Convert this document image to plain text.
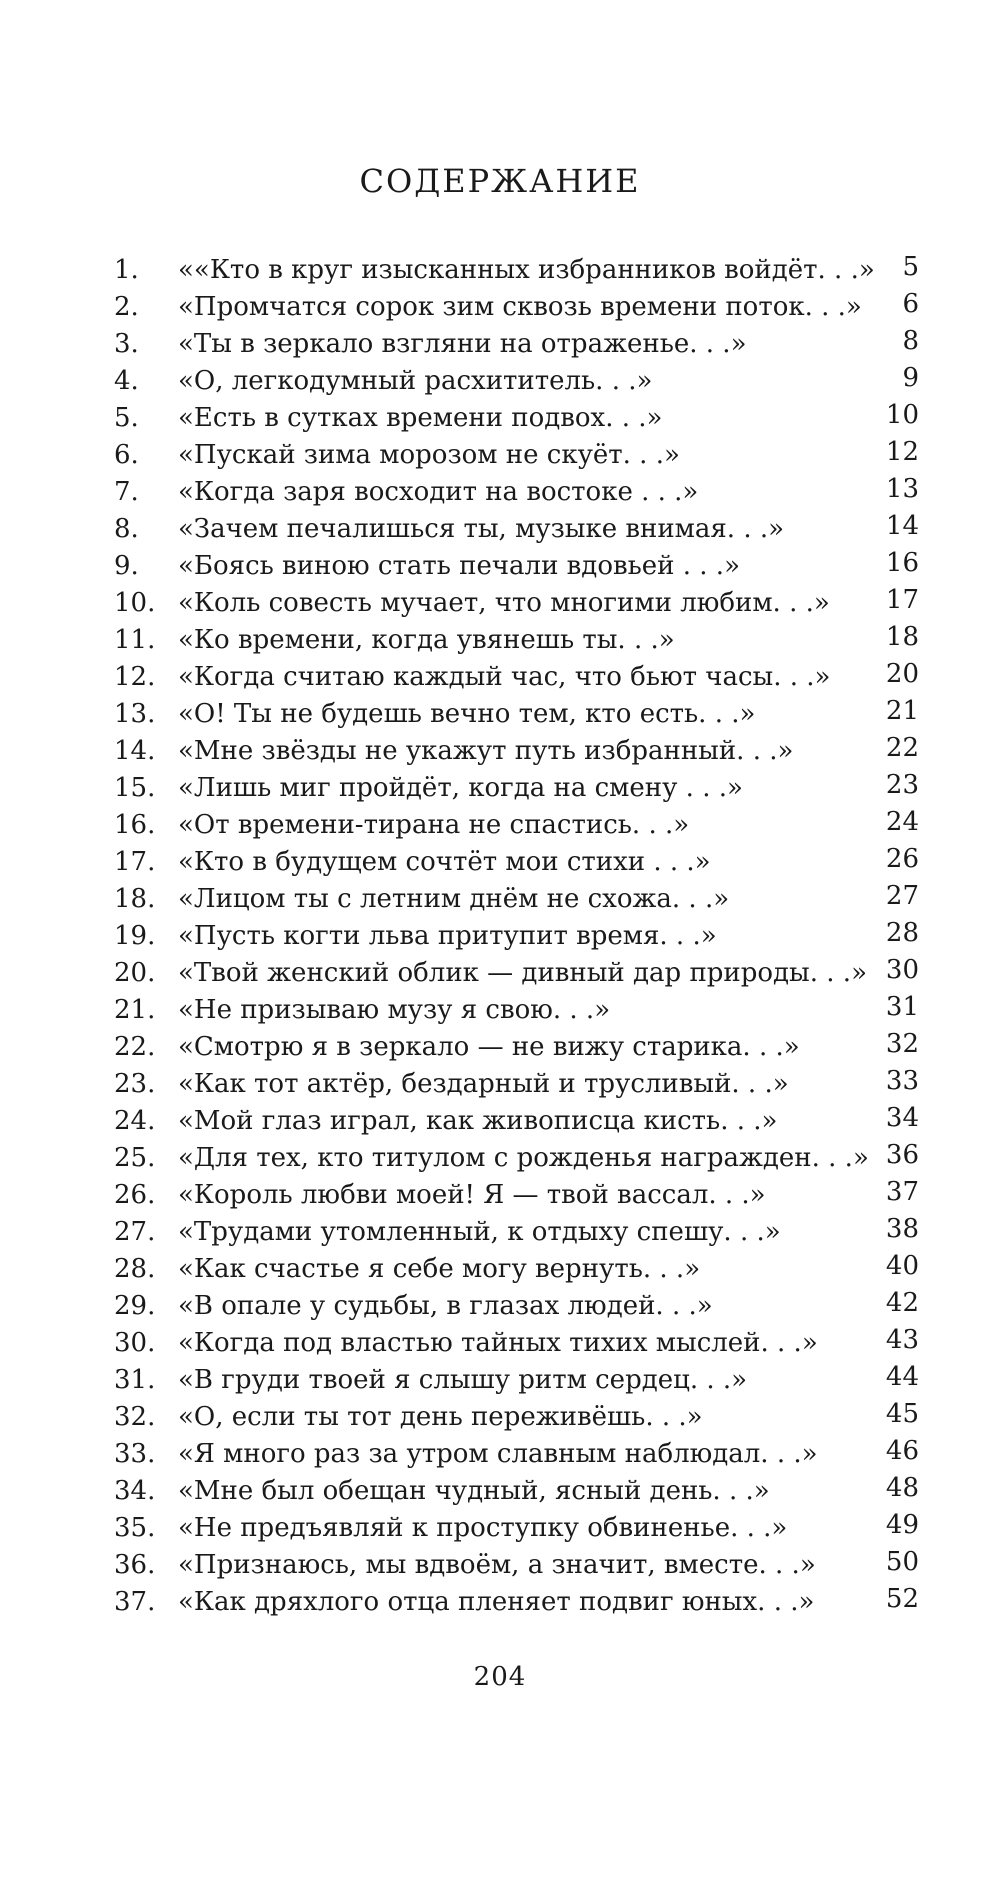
СОДЕРЖАНИЕ
1. ««Кто в круг изысканных избранников войдёт. . .» 5
2. «Промчатся сорок зим сквозь времени поток. . .» 6
3. «Ты в зеркало взгляни на отраженье. . .»	8
4. «О, легкодумный расхититель. . .»	9
5. «Есть в сутках времени подвох. . .»	10
6. «Пускай зима морозом не скуёт. . .»	12
7. «Когда заря восходит на востоке . . .»	13
8. «Зачем печалишься ты, музыке внимая. . .»	14
9. «Боясь виною стать печали вдовьей . . .»	16
10. «Коль совесть мучает, что многими любим. . .» 17
11. «Ко времени, когда увянешь ты. . .»	18
12. «Когда считаю каждый час, что бьют часы. . .» 20
13. «О! Ты не будешь вечно тем, кто есть. . .»	21
14. «Мне звёзды не укажут путь избранный. . .»	22
15. «Лишь миг пройдёт, когда на смену . . .»	23
16. «От времени-тирана не спастись. . .»	24
17. «Кто в будущем сочтёт мои стихи . . .»	26
18. «Лицом ты с летним днём не схожа. . .»	27
19. «Пусть когти льва притупит время. . .»	28
20. «Твой женский облик — дивный дар природы. . .» 30
21. «Не призываю музу я свою. . .»	31
22. «Смотрю я в зеркало — не вижу старика. . .»	32
23. «Как тот актёр, бездарный и трусливый. . .»	33
24. «Мой глаз играл, как живописца кисть. . .»	34
25. «Для тех, кто титулом с рожденья награжден. . .» 36
26. «Король любви моей! Я — твой вассал. . .»	37
27. «Трудами утомленный, к отдыху спешу. . .»	38
28. «Как счастье я себе могу вернуть. . .»	40
29. «В опале у судьбы, в глазах людей. . .»	42
30. «Когда под властью тайных тихих мыслей. . .»	43
31. «В груди твоей я слышу ритм сердец. . .»	44
32. «О, если ты тот день переживёшь. . .»	45
33. «Я много раз за утром славным наблюдал. . .»	46
34. «Мне был обещан чудный, ясный день. . .»	48
35. «Не предъявляй к проступку обвиненье. . .»	49
36. «Признаюсь, мы вдвоём, а значит, вместе. . .»	50
37. «Как дряхлого отца пленяет подвиг юных. . .»	52
204
